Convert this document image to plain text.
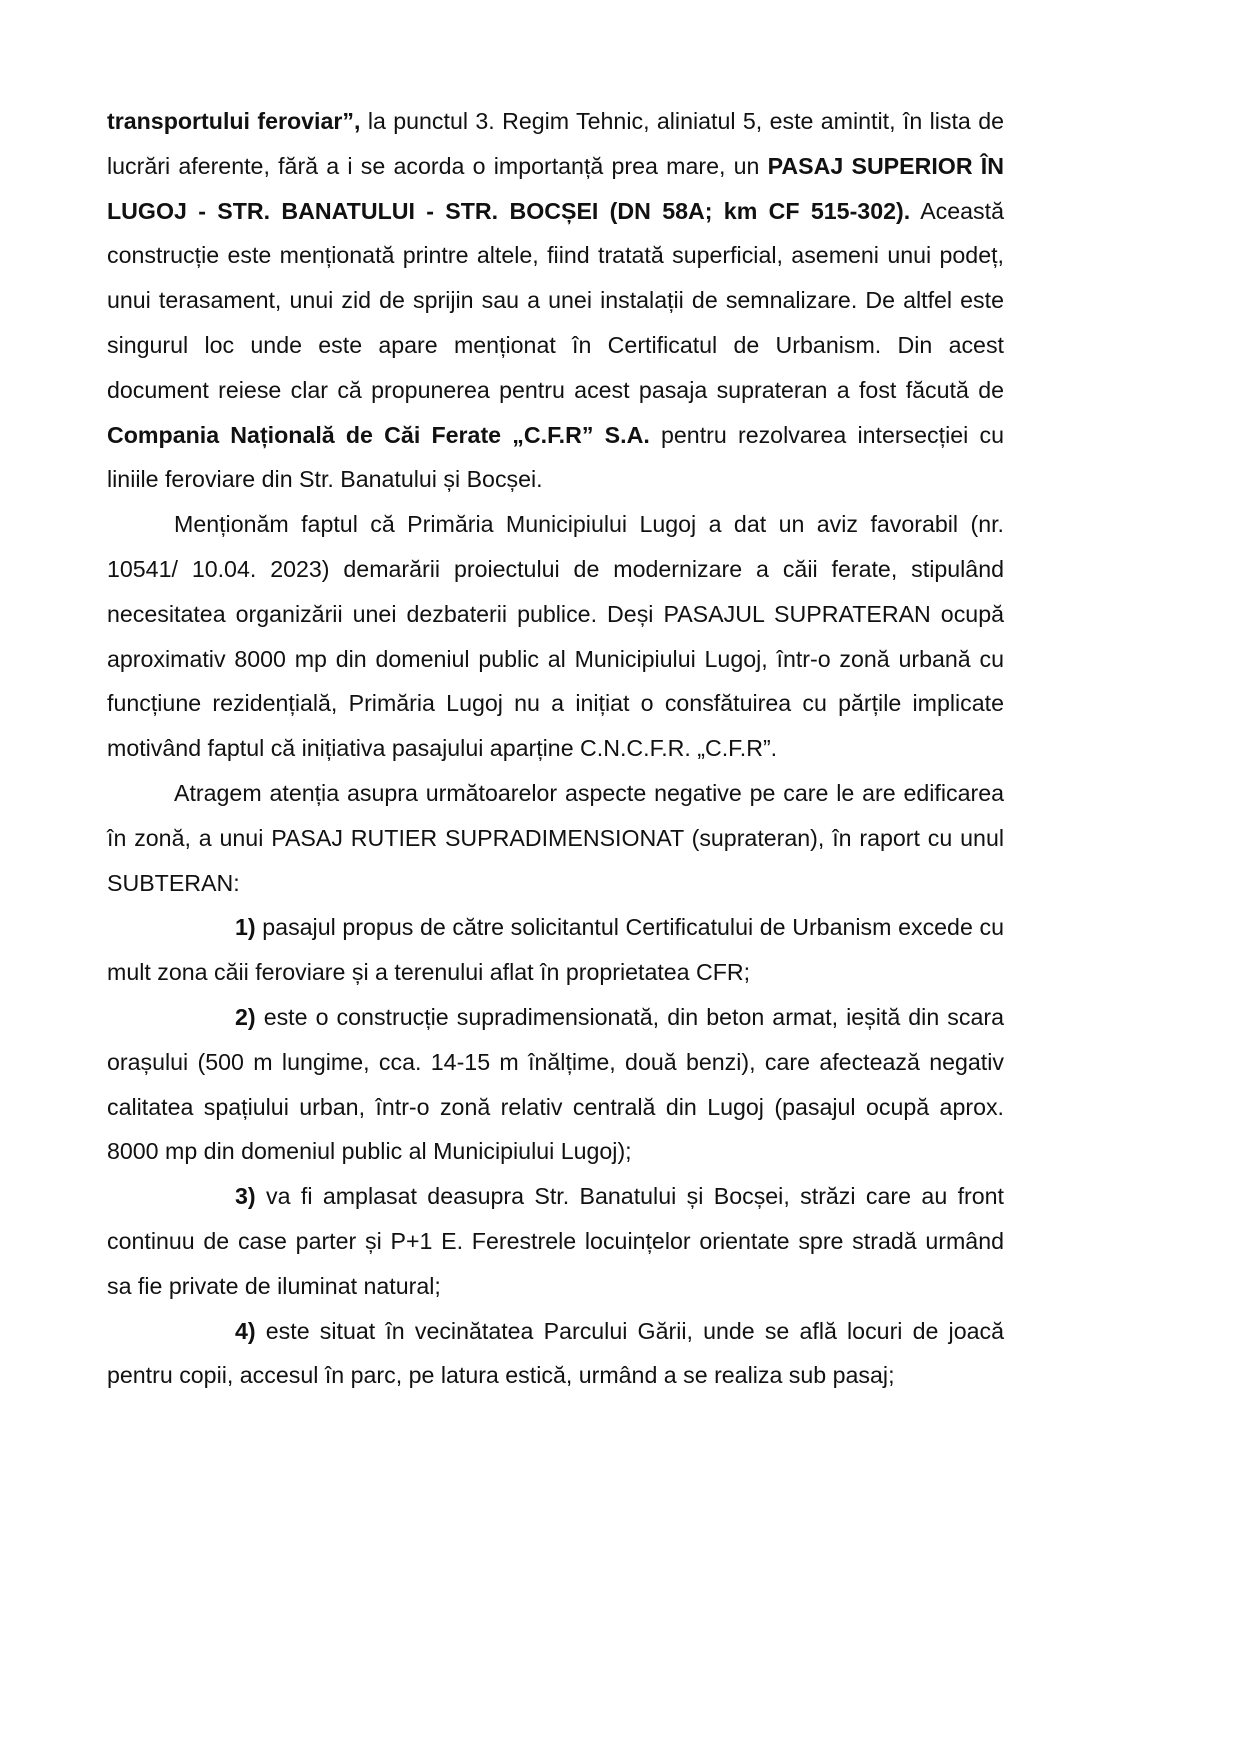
transportului feroviar”, la punctul 3. Regim Tehnic, aliniatul 5, este amintit, în lista de lucrări aferente, fără a i se acorda o importanță prea mare, un PASAJ SUPERIOR ÎN LUGOJ - STR. BANATULUI - STR. BOCȘEI (DN 58A; km CF 515-302). Această construcție este menționată printre altele, fiind tratată superficial, asemeni unui podeț, unui terasament, unui zid de sprijin sau a unei instalații de semnalizare. De altfel este singurul loc unde este apare menționat în Certificatul de Urbanism. Din acest document reiese clar că propunerea pentru acest pasaja suprateran a fost făcută de Compania Națională de Căi Ferate „C.F.R” S.A. pentru rezolvarea intersecției cu liniile feroviare din Str. Banatului și Bocșei.

Menționăm faptul că Primăria Municipiului Lugoj a dat un aviz favorabil (nr. 10541/ 10.04. 2023) demarării proiectului de modernizare a căii ferate, stipulând necesitatea organizării unei dezbaterii publice. Deși PASAJUL SUPRATERAN ocupă aproximativ 8000 mp din domeniul public al Municipiului Lugoj, într-o zonă urbană cu funcțiune rezidențială, Primăria Lugoj nu a inițiat o consfătuirea cu părțile implicate motivând faptul că inițiativa pasajului aparține C.N.C.F.R. „C.F.R”.

Atragem atenția asupra următoarelor aspecte negative pe care le are edificarea în zonă, a unui PASAJ RUTIER SUPRADIMENSIONAT (suprateran), în raport cu unul SUBTERAN:

1) pasajul propus de către solicitantul Certificatului de Urbanism excede cu mult zona căii feroviare și a terenului aflat în proprietatea CFR;

2) este o construcție supradimensionată, din beton armat, ieșită din scara orașului (500 m lungime, cca. 14-15 m înălțime, două benzi), care afectează negativ calitatea spațiului urban, într-o zonă relativ centrală din Lugoj (pasajul ocupă aprox. 8000 mp din domeniul public al Municipiului Lugoj);

3) va fi amplasat deasupra Str. Banatului și Bocșei, străzi care au front continuu de case parter și P+1 E. Ferestrele locuințelor orientate spre stradă urmând sa fie private de iluminat natural;

4) este situat în vecinătatea Parcului Gării, unde se află locuri de joacă pentru copii, accesul în parc, pe latura estică, urmând a se realiza sub pasaj;
